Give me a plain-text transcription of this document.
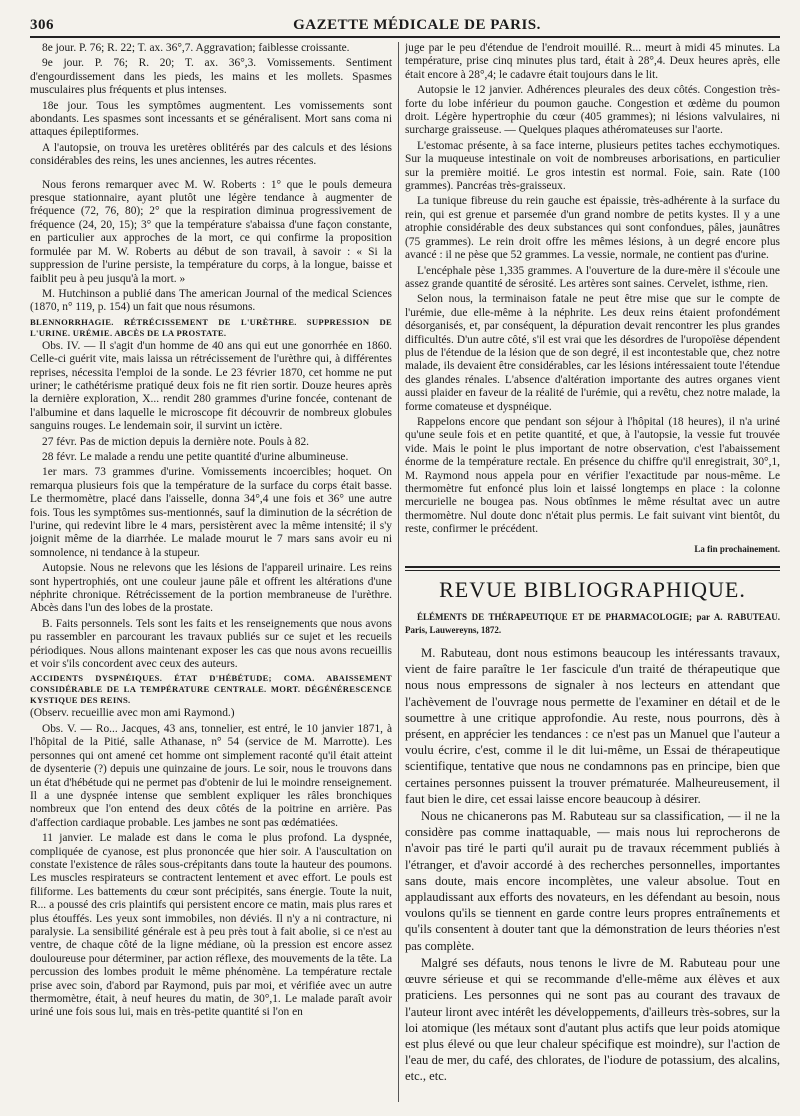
306	GAZETTE MÉDICALE DE PARIS.

8e jour. P. 76; R. 22; T. ax. 36°,7. Aggravation; faiblesse croissante.

9e jour. P. 76; R. 20; T. ax. 36°,3. Vomissements. Sentiment d'engourdissement dans les pieds, les mains et les mollets. Spasmes musculaires plus fréquents et plus intenses.

18e jour. Tous les symptômes augmentent. Les vomissements sont abondants. Les spasmes sont incessants et se généralisent. Mort sans coma ni attaques épileptiformes.

A l'autopsie, on trouva les uretères oblitérés par des calculs et des lésions considérables des reins, les unes anciennes, les autres récentes.

Nous ferons remarquer avec M. W. Roberts : 1° que le pouls demeura presque stationnaire, ayant plutôt une légère tendance à augmenter de fréquence (72, 76, 80); 2° que la respiration diminua progressivement de fréquence (24, 20, 15); 3° que la température s'abaissa d'une façon constante, en particulier aux approches de la mort, ce qui confirme la proposition formulée par M. W. Roberts au début de son travail, à savoir : « Si la suppression de l'urine persiste, la température du corps, à la longue, baisse et faiblit peu à peu jusqu'à la mort. »

M. Hutchinson a publié dans The american Journal of the medical Sciences (1870, n° 119, p. 154) un fait que nous résumons.

BLENNORRHAGIE. RÉTRÉCISSEMENT DE L'URÈTHRE. SUPPRESSION DE L'URINE. URÉMIE. ABCÈS DE LA PROSTATE.

Obs. IV. — Il s'agit d'un homme de 40 ans qui eut une gonorrhée en 1860. Celle-ci guérit vite, mais laissa un rétrécissement de l'urèthre qui, à différentes reprises, nécessita l'emploi de la sonde. Le 23 février 1870, cet homme ne put uriner; le cathétérisme pratiqué deux fois ne fit rien sortir. Douze heures après la dernière exploration, X... rendit 280 grammes d'urine foncée, contenant de l'albumine et dans laquelle le microscope fit découvrir de nombreux globules sanguins rouges. Le lendemain soir, il survint un ictère.

27 févr. Pas de miction depuis la dernière note. Pouls à 82.

28 févr. Le malade a rendu une petite quantité d'urine albumineuse.

1er mars. 73 grammes d'urine. Vomissements incoercibles; hoquet. On remarqua plusieurs fois que la température de la surface du corps était basse. Le thermomètre, placé dans l'aisselle, donna 34°,4 une fois et 36° une autre fois. Tous les symptômes sus-mentionnés, sauf la diminution de la sécrétion de l'urine, qui redevint libre le 4 mars, persistèrent avec la même intensité; il s'y joignit même de la diarrhée. Le malade mourut le 7 mars sans avoir eu ni somnolence, ni tendance à la stupeur.

Autopsie. Nous ne relevons que les lésions de l'appareil urinaire. Les reins sont hypertrophiés, ont une couleur jaune pâle et offrent les altérations d'une néphrite chronique. Rétrécissement de la portion membraneuse de l'urèthre. Abcès dans l'un des lobes de la prostate.

B. Faits personnels. Tels sont les faits et les renseignements que nous avons pu rassembler en parcourant les travaux publiés sur ce sujet et les recueils périodiques. Nous allons maintenant exposer les cas que nous avons recueillis et voir s'ils concordent avec ceux des auteurs.

ACCIDENTS DYSPNÉIQUES. ÉTAT D'HÉBÉTUDE; COMA. ABAISSEMENT CONSIDÉRABLE DE LA TEMPÉRATURE CENTRALE. MORT. DÉGÉNÉRESCENCE KYSTIQUE DES REINS.

(Observ. recueillie avec mon ami Raymond.)

Obs. V. — Ro... Jacques, 43 ans, tonnelier, est entré, le 10 janvier 1871, à l'hôpital de la Pitié, salle Athanase, n° 54 (service de M. Marrotte). Les personnes qui ont amené cet homme ont simplement raconté qu'il était atteint de dysenterie (?) depuis une quinzaine de jours. Le soir, nous le trouvons dans un état d'hébétude qui ne permet pas d'obtenir de lui le moindre renseignement. Il a une dyspnée intense que semblent expliquer les râles bronchiques nombreux que l'on entend des deux côtés de la poitrine en arrière. Pas d'affection cardiaque probable. Les jambes ne sont pas œdématiées.

11 janvier. Le malade est dans le coma le plus profond. La dyspnée, compliquée de cyanose, est plus prononcée que hier soir. A l'auscultation on constate l'existence de râles sous-crépitants dans toute la hauteur des poumons. Les muscles respirateurs se contractent lentement et avec effort. Le pouls est filiforme. Les battements du cœur sont précipités, sans énergie. Toute la nuit, R... a poussé des cris plaintifs qui persistent encore ce matin, mais plus rares et plus étouffés. Les yeux sont immobiles, non déviés. Il n'y a ni contracture, ni paralysie. La sensibilité générale est à peu près tout à fait abolie, si ce n'est au ventre, de chaque côté de la ligne médiane, où la pression est encore assez douloureuse pour déterminer, par action réflexe, des mouvements de la tête. La percussion des lombes produit le même phénomène. La température rectale prise avec soin, d'abord par Raymond, puis par moi, et vérifiée avec un autre thermomètre, était, à neuf heures du matin, de 30°,1. Le malade paraît avoir uriné une fois sous lui, mais en très-petite quantité si l'on en

juge par le peu d'étendue de l'endroit mouillé. R... meurt à midi 45 minutes. La température, prise cinq minutes plus tard, était à 28°,4. Deux heures après, elle était encore à 28°,4; le cadavre était toujours dans le lit.

Autopsie le 12 janvier. Adhérences pleurales des deux côtés. Congestion très-forte du lobe inférieur du poumon gauche. Congestion et œdème du poumon droit. Légère hypertrophie du cœur (405 grammes); ni lésions valvulaires, ni surcharge graisseuse. — Quelques plaques athéromateuses sur l'aorte.

L'estomac présente, à sa face interne, plusieurs petites taches ecchymotiques. Sur la muqueuse intestinale on voit de nombreuses arborisations, en particulier sur la première moitié. Le gros intestin est normal. Foie, sain. Rate (100 grammes). Pancréas très-graisseux.

La tunique fibreuse du rein gauche est épaissie, très-adhérente à la surface du rein, qui est grenue et parsemée d'un grand nombre de petits kystes. Il y a une atrophie considérable des deux substances qui sont confondues, pâles, jaunâtres (75 grammes). Le rein droit offre les mêmes lésions, à un degré encore plus avancé : il ne pèse que 52 grammes. La vessie, normale, ne contient pas d'urine.

L'encéphale pèse 1,335 grammes. A l'ouverture de la dure-mère il s'écoule une assez grande quantité de sérosité. Les artères sont saines. Cervelet, isthme, rien.

Selon nous, la terminaison fatale ne peut être mise que sur le compte de l'urémie, due elle-même à la néphrite. Les deux reins étaient profondément désorganisés, et, par conséquent, la dépuration devait rencontrer les plus grandes difficultés. D'un autre côté, s'il est vrai que les désordres de l'uropoïèse dépendent plus de l'étendue de la lésion que de son degré, il est incontestable que, chez notre malade, ils devaient être considérables, car les lésions intéressaient toute l'étendue des glandes rénales. L'absence d'altération importante des autres organes vient aussi plaider en faveur de la réalité de l'urémie, qui a revêtu, chez notre malade, la forme comateuse et dyspnéique.

Rappelons encore que pendant son séjour à l'hôpital (18 heures), il n'a uriné qu'une seule fois et en petite quantité, et que, à l'autopsie, la vessie fut trouvée vide. Mais le point le plus important de notre observation, c'est l'abaissement énorme de la température rectale. En présence du chiffre qu'il enregistrait, 30°,1, M. Raymond nous appela pour en vérifier l'exactitude par nous-même. Le thermomètre fut enfoncé plus loin et laissé longtemps en place : la colonne mercurielle ne bougea pas. Nous obtînmes le même résultat avec un autre thermomètre. Nul doute donc n'était plus permis. Le fait suivant vint bientôt, du reste, confirmer le précédent.

La fin prochainement.
REVUE BIBLIOGRAPHIQUE.
ÉLÉMENTS DE THÉRAPEUTIQUE ET DE PHARMACOLOGIE; par A. RABUTEAU. Paris, Lauwereyns, 1872.

M. Rabuteau, dont nous estimons beaucoup les intéressants travaux, vient de faire paraître le 1er fascicule d'un traité de thérapeutique que nous nous empressons de signaler à nos lecteurs en attendant que l'achèvement de l'ouvrage nous permette de l'examiner en détail et de le soumettre à une critique approfondie. Au reste, nous pourrons, dès à présent, en apprécier les tendances : ce n'est pas un Manuel que l'auteur a voulu écrire, c'est, comme il le dit lui-même, un Essai de thérapeutique scientifique, tentative que nous ne condamnons pas en principe, bien que certaines personnes puissent la trouver prématurée. Malheureusement, il faut bien le dire, cet essai laisse encore beaucoup à désirer.

Nous ne chicanerons pas M. Rabuteau sur sa classification, — il ne la considère pas comme inattaquable, — mais nous lui reprocherons de n'avoir pas tiré le parti qu'il aurait pu de travaux récemment publiés à l'étranger, et d'avoir accordé à des recherches personnelles, importantes sans doute, mais encore incomplètes, une valeur absolue. Tout en applaudissant aux efforts des novateurs, en les défendant au besoin, nous voulons qu'ils se tiennent en garde contre leurs propres entraînements et qu'ils consentent à douter tant que la démonstration de leurs théories n'est pas complète.

Malgré ses défauts, nous tenons le livre de M. Rabuteau pour une œuvre sérieuse et qui se recommande d'elle-même aux élèves et aux praticiens. Les personnes qui ne sont pas au courant des travaux de l'auteur liront avec intérêt les développements, d'ailleurs très-sobres, sur la loi atomique (les métaux sont d'autant plus actifs que leur poids atomique est plus élevé ou que leur chaleur spécifique est moindre), sur l'action de l'eau de mer, du café, des chlorates, de l'iodure de potassium, des alcalins, etc., etc.
